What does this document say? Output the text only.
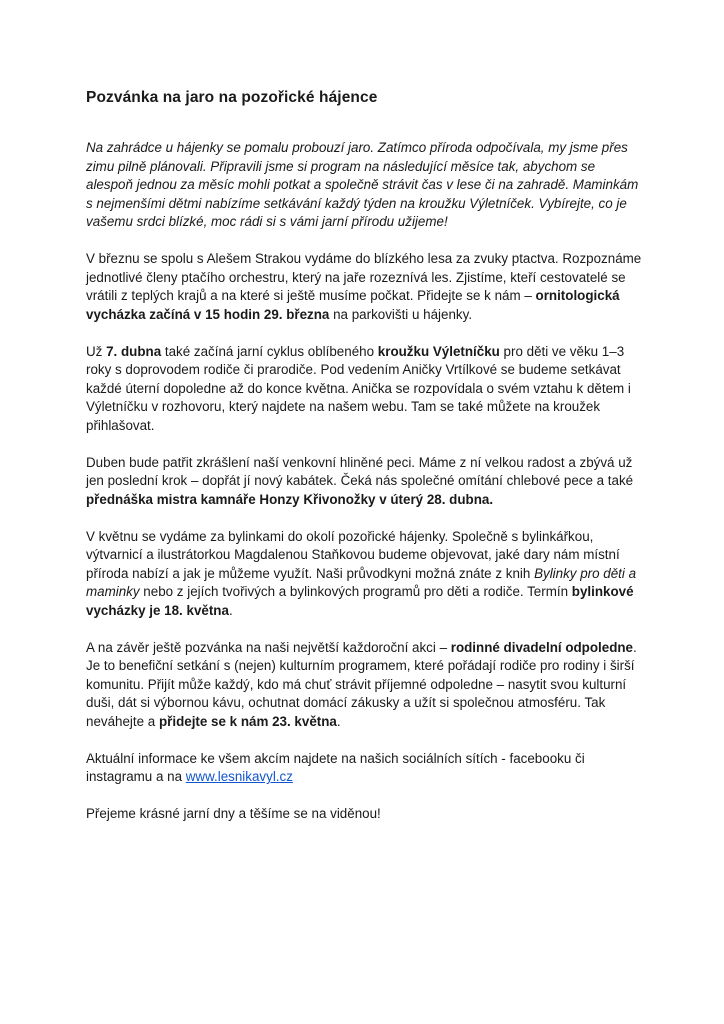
Pozvánka na jaro na pozořické hájence

Na zahrádce u hájenky se pomalu probouzí jaro. Zatímco příroda odpočívala, my jsme přes zimu pilně plánovali. Připravili jsme si program na následující měsíce tak, abychom se alespoň jednou za měsíc mohli potkat a společně strávit čas v lese či na zahradě. Maminkám s nejmenšími dětmi nabízíme setkávání každý týden na kroužku Výletníček. Vybírejte, co je vašemu srdci blízké, moc rádi si s vámi jarní přírodu užijeme!

V březnu se spolu s Alešem Strakou vydáme do blízkého lesa za zvuky ptactva. Rozpoznáme jednotlivé členy ptačího orchestru, který na jaře rozeznívá les. Zjistíme, kteří cestovatelé se vrátili z teplých krajů a na které si ještě musíme počkat. Přidejte se k nám – ornitologická vycházka začíná v 15 hodin 29. března na parkovišti u hájenky.

Už 7. dubna také začíná jarní cyklus oblíbeného kroužku Výletníčku pro děti ve věku 1–3 roky s doprovodem rodiče či prarodiče. Pod vedením Aničky Vrtílkové se budeme setkávat každé úterní dopoledne až do konce května. Anička se rozpovídala o svém vztahu k dětem i Výletníčku v rozhovoru, který najdete na našem webu. Tam se také můžete na kroužek přihlašovat.

Duben bude patřit zkrášlení naší venkovní hliněné peci. Máme z ní velkou radost a zbývá už jen poslední krok – dopřát jí nový kabátek. Čeká nás společné omítání chlebové pece a také přednáška mistra kamnáře Honzy Křivonožky v úterý 28. dubna.

V květnu se vydáme za bylinkami do okolí pozořické hájenky. Společně s bylinkářkou, výtvarnicí a ilustrátorkou Magdalenou Staňkovou budeme objevovat, jaké dary nám místní příroda nabízí a jak je můžeme využít. Naši průvodkyni možná znáte z knih Bylinky pro děti a maminky nebo z jejích tvořivých a bylinkových programů pro děti a rodiče. Termín bylinkové vycházky je 18. května.

A na závěr ještě pozvánka na naši největší každoroční akci – rodinné divadelní odpoledne. Je to benefiční setkání s (nejen) kulturním programem, které pořádají rodiče pro rodiny i širší komunitu. Přijít může každý, kdo má chuť strávit příjemné odpoledne – nasytit svou kulturní duši, dát si výbornou kávu, ochutnat domácí zákusky a užít si společnou atmosféru. Tak neváhejte a přidejte se k nám 23. května.

Aktuální informace ke všem akcím najdete na našich sociálních sítích - facebooku či instagramu a na www.lesnikavyl.cz

Přejeme krásné jarní dny a těšíme se na viděnou!
